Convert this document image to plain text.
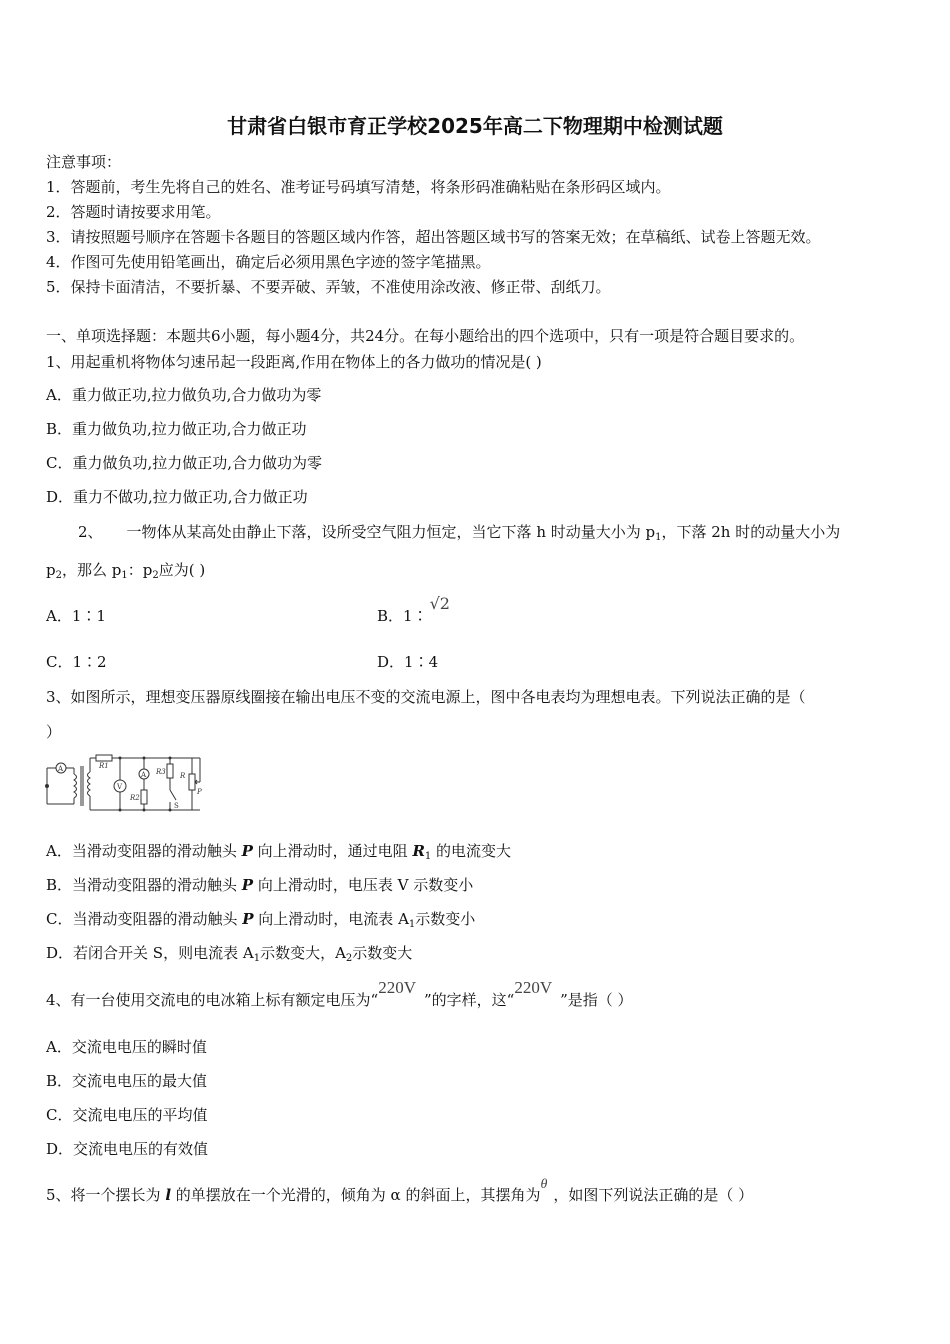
甘肃省白银市育正学校2025年高二下物理期中检测试题
注意事项：
1．答题前，考生先将自己的姓名、准考证号码填写清楚，将条形码准确粘贴在条形码区域内。
2．答题时请按要求用笔。
3．请按照题号顺序在答题卡各题目的答题区域内作答，超出答题区域书写的答案无效；在草稿纸、试卷上答题无效。
4．作图可先使用铅笔画出，确定后必须用黑色字迹的签字笔描黑。
5．保持卡面清洁，不要折暴、不要弄破、弄皱，不准使用涂改液、修正带、刮纸刀。
一、单项选择题：本题共6小题，每小题4分，共24分。在每小题给出的四个选项中，只有一项是符合题目要求的。
1、用起重机将物体匀速吊起一段距离,作用在物体上的各力做功的情况是( )
A．重力做正功,拉力做负功,合力做功为零
B．重力做负功,拉力做正功,合力做正功
C．重力做负功,拉力做正功,合力做功为零
D．重力不做功,拉力做正功,合力做正功
2、 一物体从某高处由静止下落，设所受空气阻力恒定，当它下落 h 时动量大小为 $p_1$，下落 2h 时的动量大小为
$p_2$，那么 $p_1$：$p_2$应为( )
A．1∶1	B．1∶√2
C．1∶2	D．1∶4
3、如图所示，理想变压器原线圈接在输出电压不变的交流电源上，图中各电表均为理想电表。下列说法正确的是（
）
A
V
A
R1
R2
R3 R
S
P
A．当滑动变阻器的滑动触头 P 向上滑动时，通过电阻 $R_1$ 的电流变大
B．当滑动变阻器的滑动触头 P 向上滑动时，电压表 V 示数变小
C．当滑动变阻器的滑动触头 P 向上滑动时，电流表 $A_1$示数变小
D．若闭合开关 S，则电流表 $A_1$示数变大，$A_2$示数变大
4、有一台使用交流电的电冰箱上标有额定电压为“220V”的字样，这“220V”是指（ ）
A．交流电电压的瞬时值
B．交流电电压的最大值
C．交流电电压的平均值
D．交流电电压的有效值
5、将一个摆长为 l 的单摆放在一个光滑的，倾角为 α 的斜面上，其摆角为θ，如图下列说法正确的是（ ）
